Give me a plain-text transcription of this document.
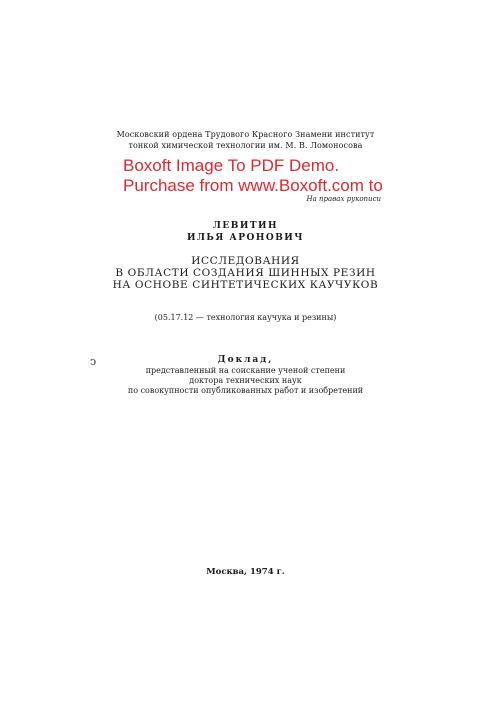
Московский ордена Трудового Красного Знамени институт
тонкой химической технологии им. М. В. Ломоносова
Boxoft Image To PDF Demo.
Purchase from www.Boxoft.com to
На правах рукописи
ЛЕВИТИН
ИЛЬЯ АРОНОВИЧ
ИССЛЕДОВАНИЯ
В ОБЛАСТИ СОЗДАНИЯ ШИННЫХ РЕЗИН
НА ОСНОВЕ СИНТЕТИЧЕСКИХ КАУЧУКОВ
(05.17.12 — технология каучука и резины)
ↄ	Доклад,
представленный на соискание ученой степени
доктора технических наук
по совокупности опубликованных работ и изобретений
Москва, 1974 г.
